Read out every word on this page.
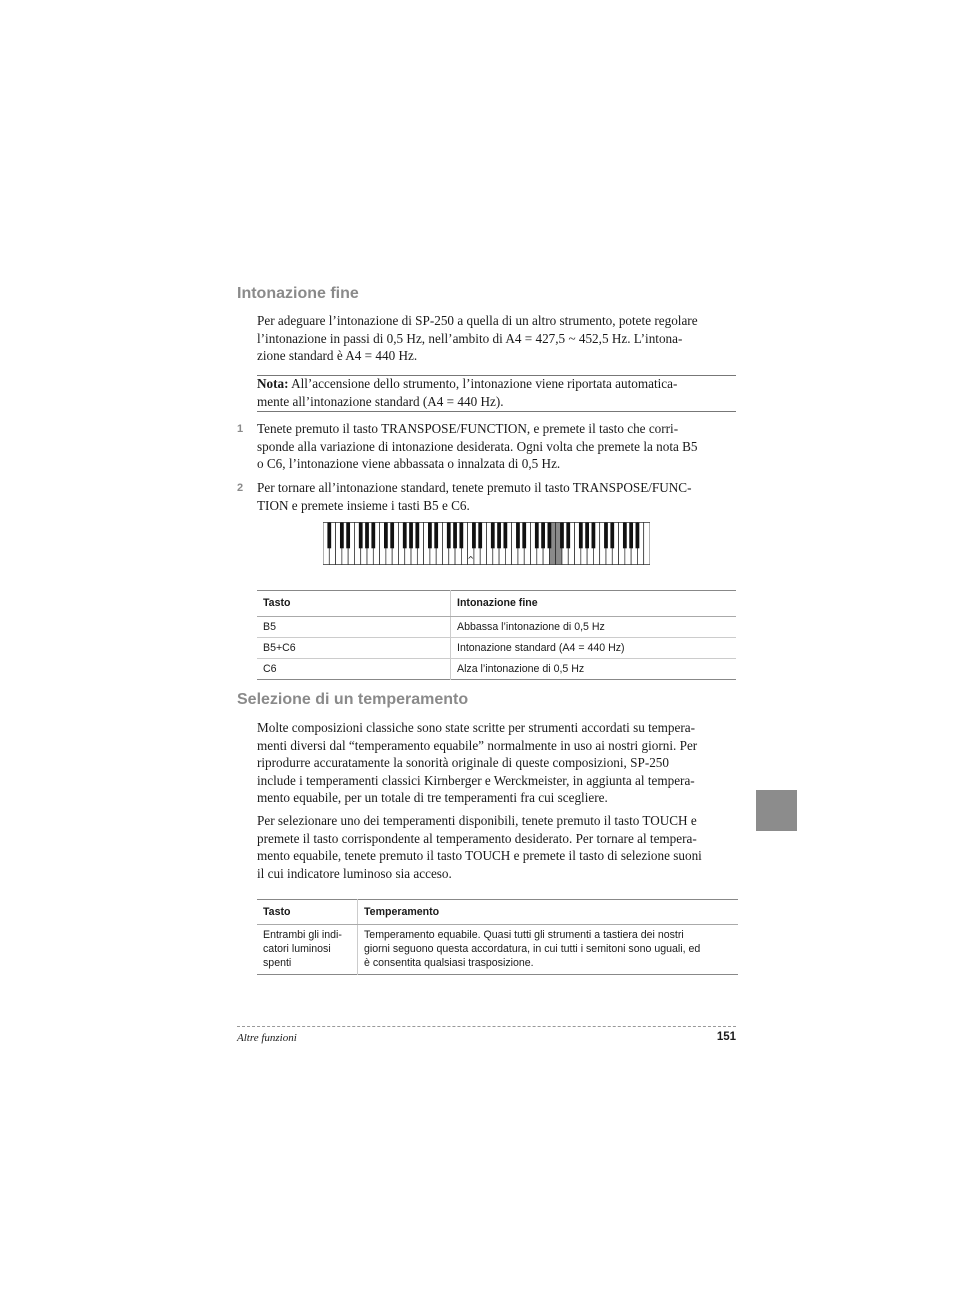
Intonazione fine

Per adeguare l’intonazione di SP-250 a quella di un altro strumento, potete regolare
l’intonazione in passi di 0,5 Hz, nell’ambito di A4 = 427,5 ~ 452,5 Hz. L’intona-
zione standard è A4 = 440 Hz.

Nota: All’accensione dello strumento, l’intonazione viene riportata automatica-
mente all’intonazione standard (A4 = 440 Hz).

1 Tenete premuto il tasto TRANSPOSE/FUNCTION, e premete il tasto che corri-
sponde alla variazione di intonazione desiderata. Ogni volta che premete la nota B5
o C6, l’intonazione viene abbassata o innalzata di 0,5 Hz.

2 Per tornare all’intonazione standard, tenete premuto il tasto TRANSPOSE/FUNC-
TION e premete insieme i tasti B5 e C6.

^
Tasto	Intonazione fine
B5	Abbassa l’intonazione di 0,5 Hz
B5+C6	Intonazione standard (A4 = 440 Hz)
C6	Alza l’intonazione di 0,5 Hz
Selezione di un temperamento

Molte composizioni classiche sono state scritte per strumenti accordati su tempera-
menti diversi dal “temperamento equabile” normalmente in uso ai nostri giorni. Per
riprodurre accuratamente la sonorità originale di queste composizioni, SP-250
include i temperamenti classici Kirnberger e Werckmeister, in aggiunta al tempera-
mento equabile, per un totale di tre temperamenti fra cui scegliere.

Per selezionare uno dei temperamenti disponibili, tenete premuto il tasto TOUCH e
premete il tasto corrispondente al temperamento desiderato. Per tornare al tempera-
mento equabile, tenete premuto il tasto TOUCH e premete il tasto di selezione suoni
il cui indicatore luminoso sia acceso.

Tasto	Temperamento
Entrambi gli indi-
catori luminosi
spenti	Temperamento equabile. Quasi tutti gli strumenti a tastiera dei nostri
giorni seguono questa accordatura, in cui tutti i semitoni sono uguali, ed
è consentita qualsiasi trasposizione.
Altre funzioni	151
